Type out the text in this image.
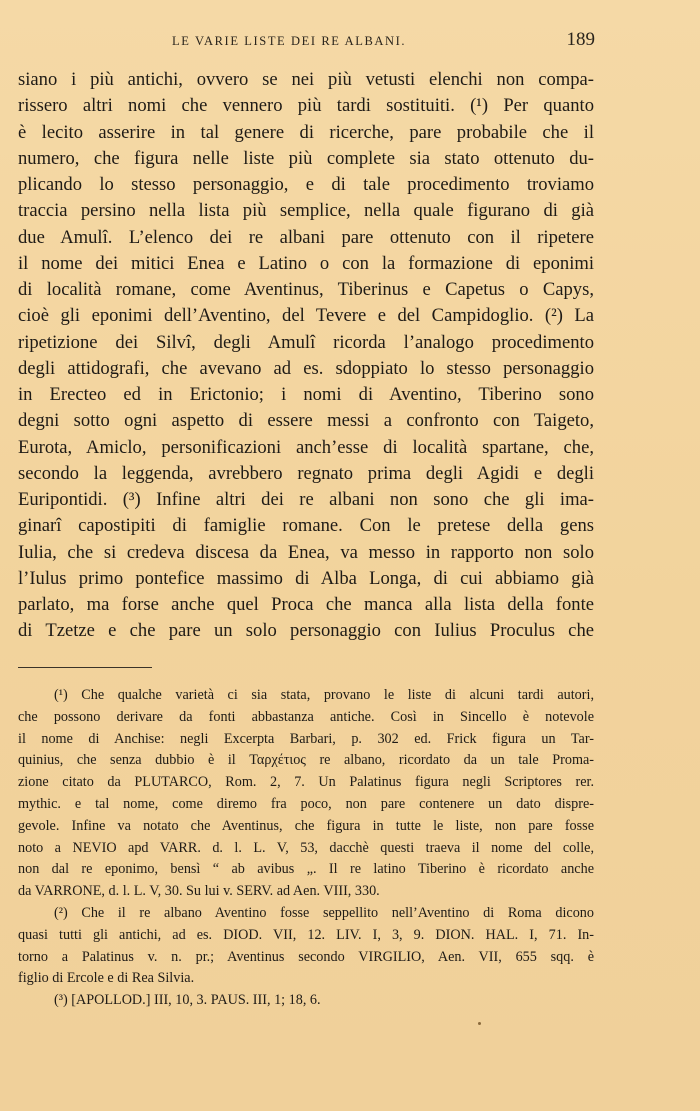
LE VARIE LISTE DEI RE ALBANI.	189
siano i più antichi, ovvero se nei più vetusti elenchi non compa-
rissero altri nomi che vennero più tardi sostituiti. (¹) Per quanto
è lecito asserire in tal genere di ricerche, pare probabile che il
numero, che figura nelle liste più complete sia stato ottenuto du-
plicando lo stesso personaggio, e di tale procedimento troviamo
traccia persino nella lista più semplice, nella quale figurano di già
due Amulî. L’elenco dei re albani pare ottenuto con il ripetere
il nome dei mitici Enea e Latino o con la formazione di eponimi
di località romane, come Aventinus, Tiberinus e Capetus o Capys,
cioè gli eponimi dell’Aventino, del Tevere e del Campidoglio. (²) La
ripetizione dei Silvî, degli Amulî ricorda l’analogo procedimento
degli attidografi, che avevano ad es. sdoppiato lo stesso personaggio
in Erecteo ed in Erictonio; i nomi di Aventino, Tiberino sono
degni sotto ogni aspetto di essere messi a confronto con Taigeto,
Eurota, Amiclo, personificazioni anch’esse di località spartane, che,
secondo la leggenda, avrebbero regnato prima degli Agidi e degli
Euripontidi. (³) Infine altri dei re albani non sono che gli ima-
ginarî capostipiti di famiglie romane. Con le pretese della gens
Iulia, che si credeva discesa da Enea, va messo in rapporto non solo
l’Iulus primo pontefice massimo di Alba Longa, di cui abbiamo già
parlato, ma forse anche quel Proca che manca alla lista della fonte
di Tzetze e che pare un solo personaggio con Iulius Proculus che
(¹) Che qualche varietà ci sia stata, provano le liste di alcuni tardi autori,
che possono derivare da fonti abbastanza antiche. Così in Sincello è notevole
il nome di Anchise: negli Excerpta Barbari, p. 302 ed. Frick figura un Tar-
quinius, che senza dubbio è il Ταρχέτιος re albano, ricordato da un tale Proma-
zione citato da PLUTARCO, Rom. 2, 7. Un Palatinus figura negli Scriptores rer.
mythic. e tal nome, come diremo fra poco, non pare contenere un dato dispre-
gevole. Infine va notato che Aventinus, che figura in tutte le liste, non pare fosse
noto a NEVIO apd VARR. d. l. L. V, 53, dacchè questi traeva il nome del colle,
non dal re eponimo, bensì “ ab avibus „. Il re latino Tiberino è ricordato anche
da VARRONE, d. l. L. V, 30. Su lui v. SERV. ad Aen. VIII, 330.
(²) Che il re albano Aventino fosse seppellito nell’Aventino di Roma dicono
quasi tutti gli antichi, ad es. DIOD. VII, 12. LIV. I, 3, 9. DION. HAL. I, 71. In-
torno a Palatinus v. n. pr.; Aventinus secondo VIRGILIO, Aen. VII, 655 sqq. è
figlio di Ercole e di Rea Silvia.
(³) [APOLLOD.] III, 10, 3. PAUS. III, 1; 18, 6.
